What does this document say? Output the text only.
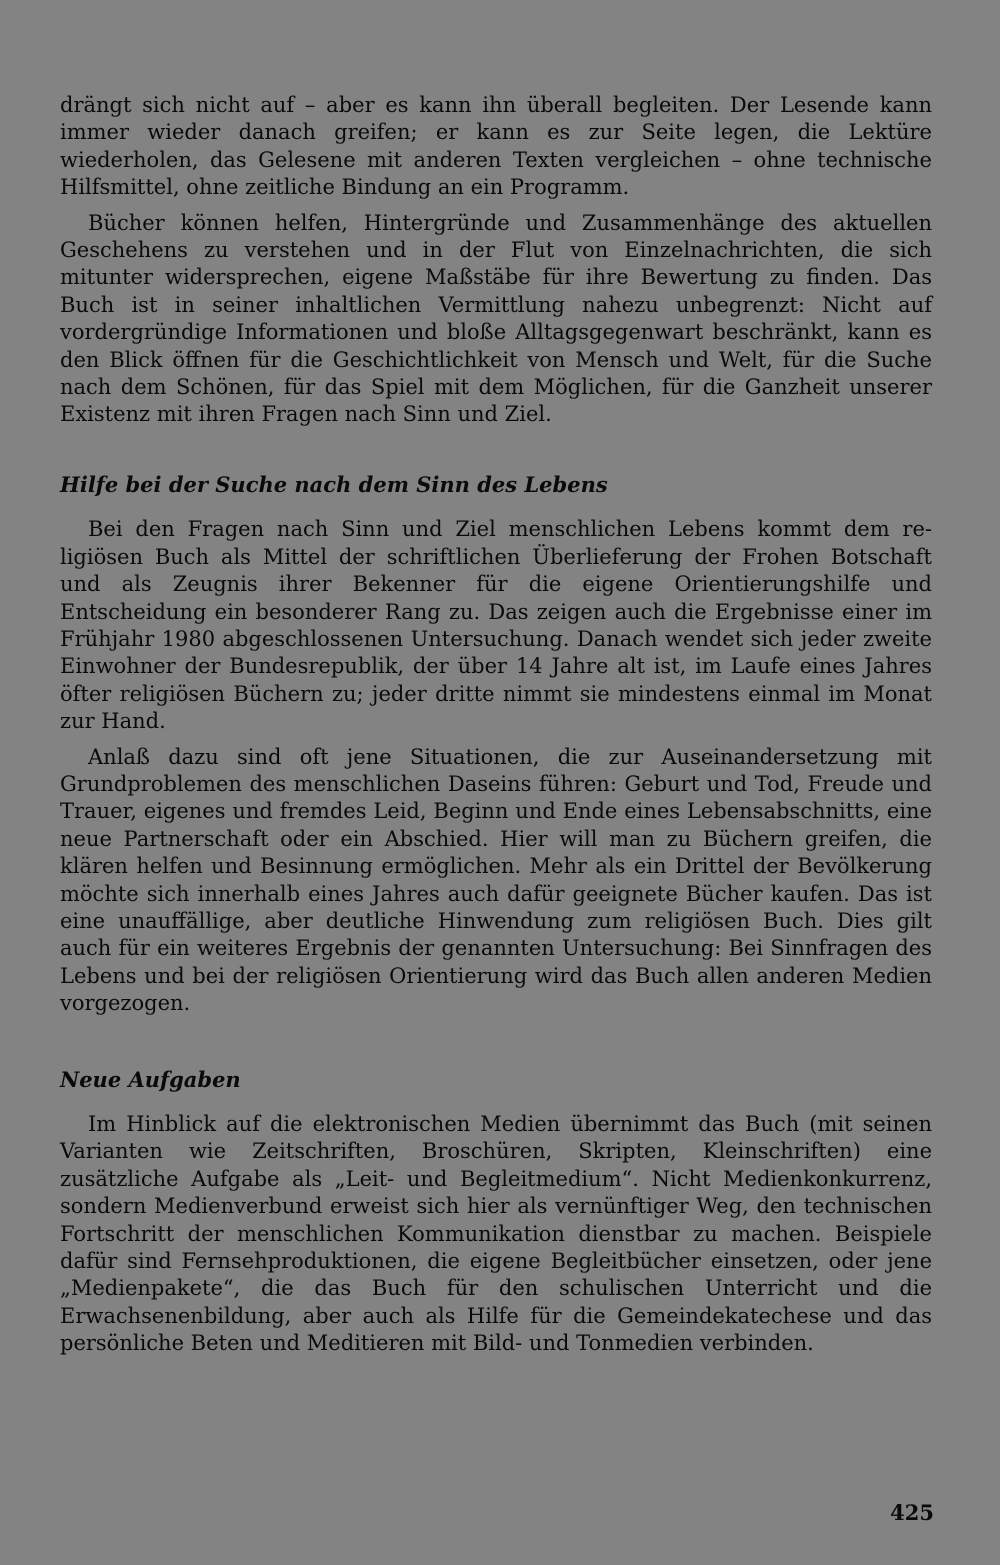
drängt sich nicht auf – aber es kann ihn überall begleiten. Der Lesende kann immer wieder danach greifen; er kann es zur Seite legen, die Lektüre wiederholen, das Gelesene mit anderen Texten vergleichen – ohne technische Hilfsmittel, ohne zeitliche Bindung an ein Programm.

Bücher können helfen, Hintergründe und Zusammenhänge des aktuellen Geschehens zu verstehen und in der Flut von Einzelnachrichten, die sich mitunter widersprechen, eigene Maßstäbe für ihre Bewertung zu finden. Das Buch ist in seiner inhaltlichen Vermittlung nahezu unbegrenzt: Nicht auf vordergründige Informationen und bloße Alltagsgegenwart beschränkt, kann es den Blick öffnen für die Geschichtlichkeit von Mensch und Welt, für die Suche nach dem Schönen, für das Spiel mit dem Möglichen, für die Ganzheit unserer Existenz mit ihren Fragen nach Sinn und Ziel.

Hilfe bei der Suche nach dem Sinn des Lebens

Bei den Fragen nach Sinn und Ziel menschlichen Lebens kommt dem religiösen Buch als Mittel der schriftlichen Überlieferung der Frohen Botschaft und als Zeugnis ihrer Bekenner für die eigene Orientierungshilfe und Entscheidung ein besonderer Rang zu. Das zeigen auch die Ergebnisse einer im Frühjahr 1980 abgeschlossenen Untersuchung. Danach wendet sich jeder zweite Einwohner der Bundesrepublik, der über 14 Jahre alt ist, im Laufe eines Jahres öfter religiösen Büchern zu; jeder dritte nimmt sie mindestens einmal im Monat zur Hand.

Anlaß dazu sind oft jene Situationen, die zur Auseinandersetzung mit Grundproblemen des menschlichen Daseins führen: Geburt und Tod, Freude und Trauer, eigenes und fremdes Leid, Beginn und Ende eines Lebensabschnitts, eine neue Partnerschaft oder ein Abschied. Hier will man zu Büchern greifen, die klären helfen und Besinnung ermöglichen. Mehr als ein Drittel der Bevölkerung möchte sich innerhalb eines Jahres auch dafür geeignete Bücher kaufen. Das ist eine unauffällige, aber deutliche Hinwendung zum religiösen Buch. Dies gilt auch für ein weiteres Ergebnis der genannten Untersuchung: Bei Sinnfragen des Lebens und bei der religiösen Orientierung wird das Buch allen anderen Medien vorgezogen.

Neue Aufgaben

Im Hinblick auf die elektronischen Medien übernimmt das Buch (mit seinen Varianten wie Zeitschriften, Broschüren, Skripten, Kleinschriften) eine zusätzliche Aufgabe als „Leit- und Begleitmedium“. Nicht Medienkonkurrenz, sondern Medienverbund erweist sich hier als vernünftiger Weg, den technischen Fortschritt der menschlichen Kommunikation dienstbar zu machen. Beispiele dafür sind Fernsehproduktionen, die eigene Begleitbücher einsetzen, oder jene „Medienpakete“, die das Buch für den schulischen Unterricht und die Erwachsenenbildung, aber auch als Hilfe für die Gemeindekatechese und das persönliche Beten und Meditieren mit Bild- und Tonmedien verbinden.

425
